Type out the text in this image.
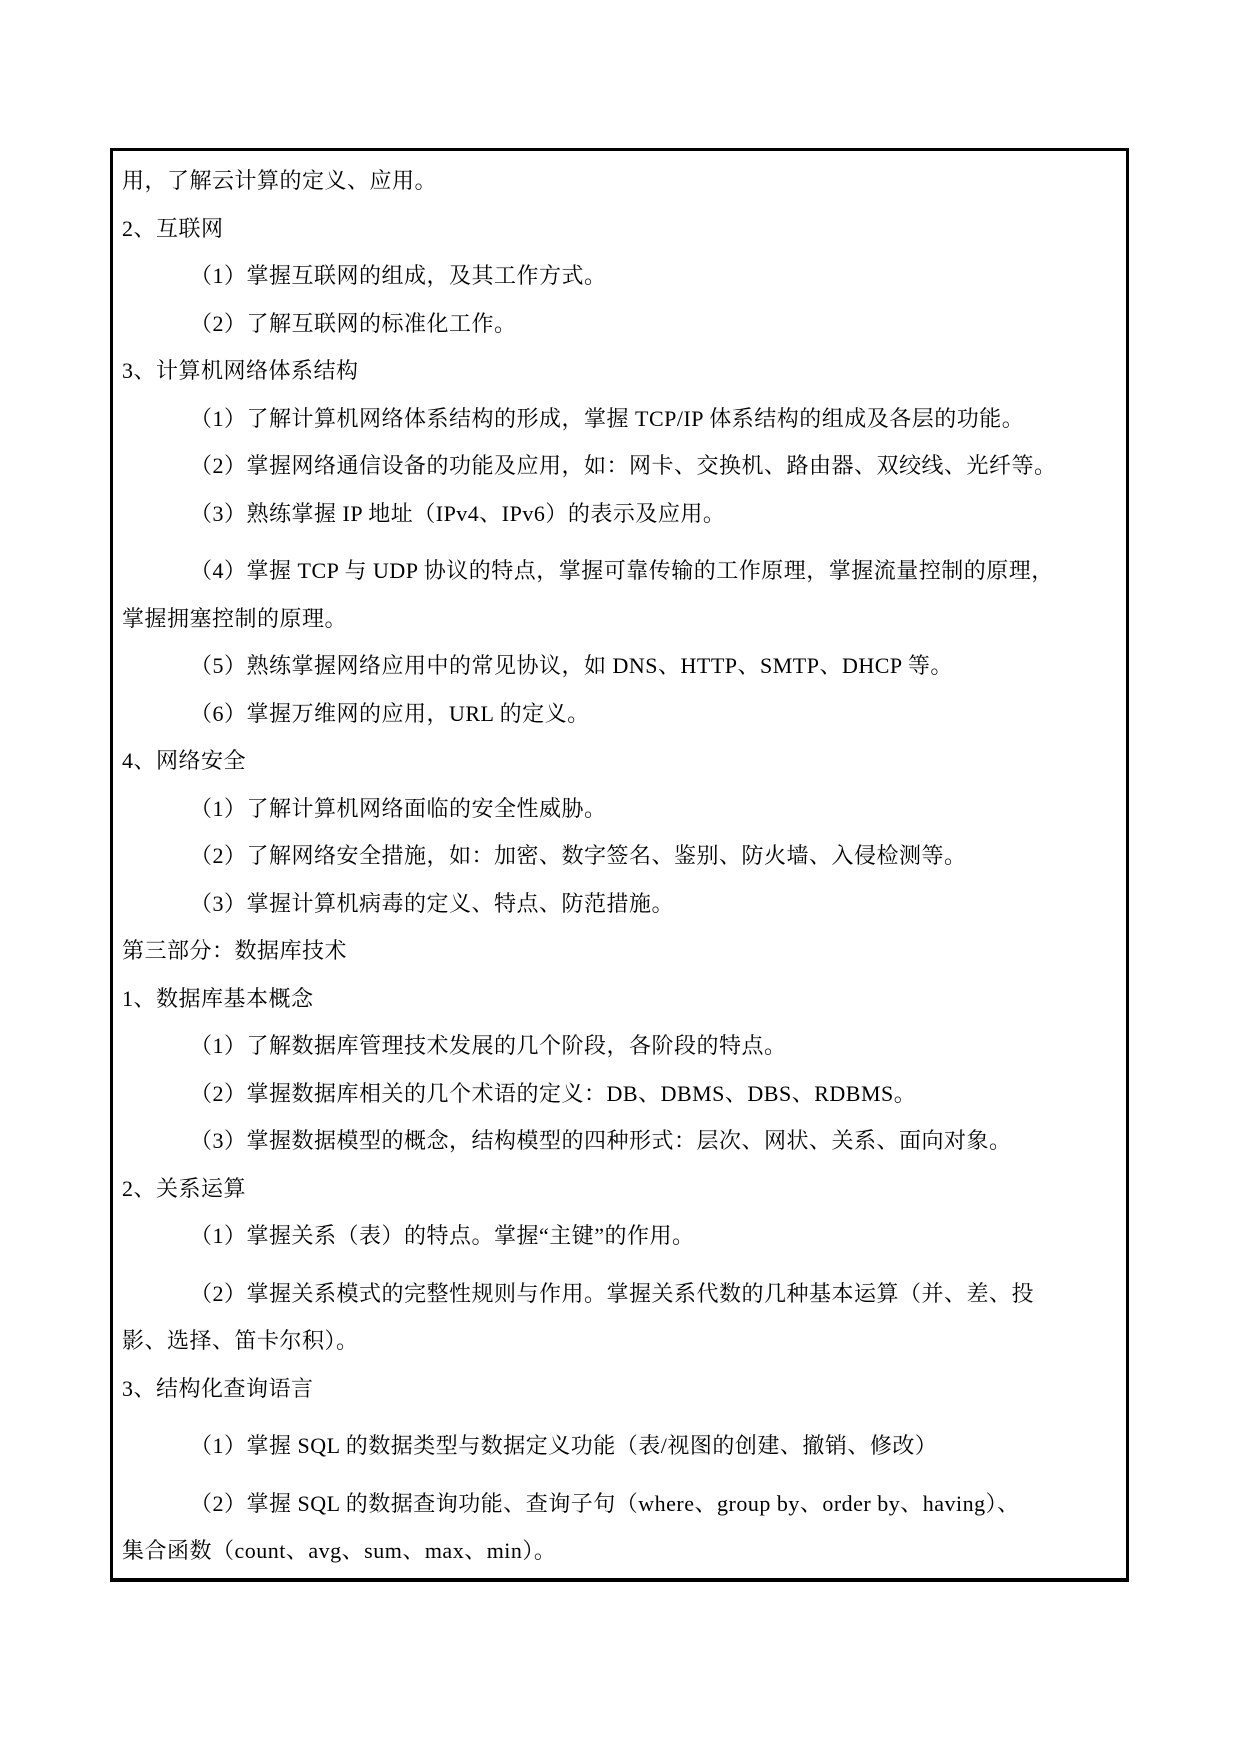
用，了解云计算的定义、应用。
2、互联网
（1）掌握互联网的组成，及其工作方式。
（2）了解互联网的标准化工作。
3、计算机网络体系结构
（1）了解计算机网络体系结构的形成，掌握 TCP/IP 体系结构的组成及各层的功能。
（2）掌握网络通信设备的功能及应用，如：网卡、交换机、路由器、双绞线、光纤等。
（3）熟练掌握 IP 地址（IPv4、IPv6）的表示及应用。
（4）掌握 TCP 与 UDP 协议的特点，掌握可靠传输的工作原理，掌握流量控制的原理，
掌握拥塞控制的原理。
（5）熟练掌握网络应用中的常见协议，如 DNS、HTTP、SMTP、DHCP 等。
（6）掌握万维网的应用，URL 的定义。
4、网络安全
（1）了解计算机网络面临的安全性威胁。
（2）了解网络安全措施，如：加密、数字签名、鉴别、防火墙、入侵检测等。
（3）掌握计算机病毒的定义、特点、防范措施。
第三部分：数据库技术
1、数据库基本概念
（1）了解数据库管理技术发展的几个阶段，各阶段的特点。
（2）掌握数据库相关的几个术语的定义：DB、DBMS、DBS、RDBMS。
（3）掌握数据模型的概念，结构模型的四种形式：层次、网状、关系、面向对象。
2、关系运算
（1）掌握关系（表）的特点。掌握“主键”的作用。
（2）掌握关系模式的完整性规则与作用。掌握关系代数的几种基本运算（并、差、投
影、选择、笛卡尔积）。
3、结构化查询语言
（1）掌握 SQL 的数据类型与数据定义功能（表/视图的创建、撤销、修改）
（2）掌握 SQL 的数据查询功能、查询子句（where、group by、order by、having）、
集合函数（count、avg、sum、max、min）。
